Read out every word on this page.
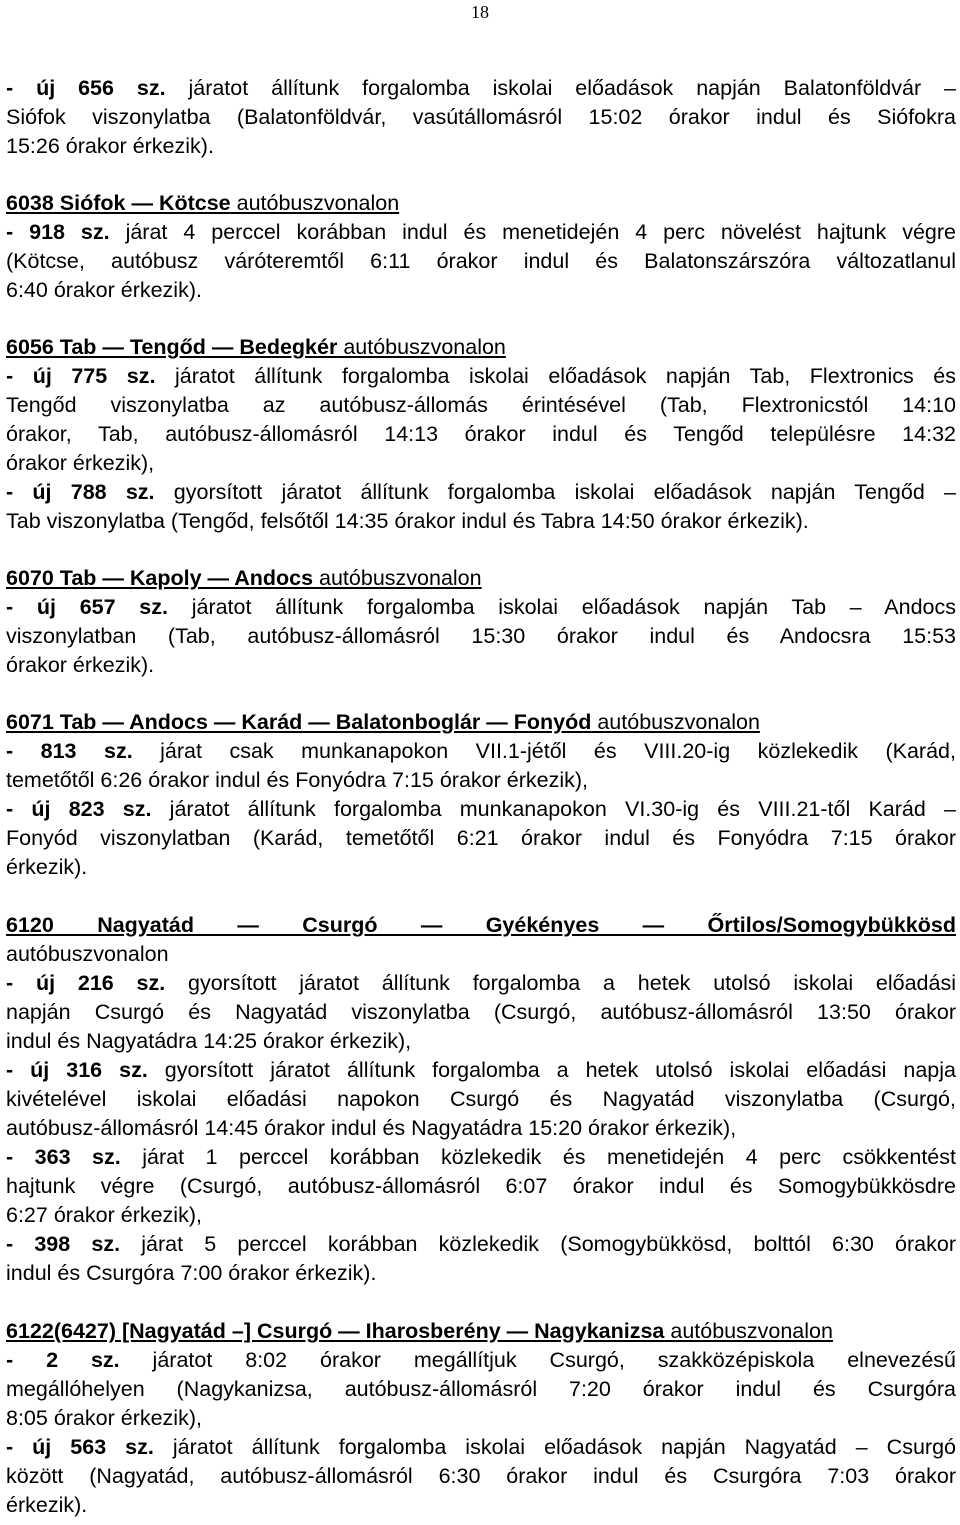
18
- új 656 sz. járatot állítunk forgalomba iskolai előadások napján Balatonföldvár –
Siófok viszonylatba (Balatonföldvár, vasútállomásról 15:02 órakor indul és Siófokra
15:26 órakor érkezik).
6038 Siófok — Kötcse autóbuszvonalon
- 918 sz. járat 4 perccel korábban indul és menetidején 4 perc növelést hajtunk végre
(Kötcse, autóbusz váróteremtől 6:11 órakor indul és Balatonszárszóra változatlanul
6:40 órakor érkezik).
6056 Tab — Tengőd — Bedegkér autóbuszvonalon
- új 775 sz. járatot állítunk forgalomba iskolai előadások napján Tab, Flextronics és
Tengőd viszonylatba az autóbusz-állomás érintésével (Tab, Flextronicstól 14:10
órakor, Tab, autóbusz-állomásról 14:13 órakor indul és Tengőd településre 14:32
órakor érkezik),
- új 788 sz. gyorsított járatot állítunk forgalomba iskolai előadások napján Tengőd –
Tab viszonylatba (Tengőd, felsőtől 14:35 órakor indul és Tabra 14:50 órakor érkezik).
6070 Tab — Kapoly — Andocs autóbuszvonalon
- új 657 sz. járatot állítunk forgalomba iskolai előadások napján Tab – Andocs
viszonylatban (Tab, autóbusz-állomásról 15:30 órakor indul és Andocsra 15:53
órakor érkezik).
6071 Tab — Andocs — Karád — Balatonboglár — Fonyód autóbuszvonalon
- 813 sz. járat csak munkanapokon VII.1-jétől és VIII.20-ig közlekedik (Karád,
temetőtől 6:26 órakor indul és Fonyódra 7:15 órakor érkezik),
- új 823 sz. járatot állítunk forgalomba munkanapokon VI.30-ig és VIII.21-től Karád –
Fonyód viszonylatban (Karád, temetőtől 6:21 órakor indul és Fonyódra 7:15 órakor
érkezik).
6120 Nagyatád — Csurgó — Gyékényes — Őrtilos/Somogybükkösd
autóbuszvonalon
- új 216 sz. gyorsított járatot állítunk forgalomba a hetek utolsó iskolai előadási
napján Csurgó és Nagyatád viszonylatba (Csurgó, autóbusz-állomásról 13:50 órakor
indul és Nagyatádra 14:25 órakor érkezik),
- új 316 sz. gyorsított járatot állítunk forgalomba a hetek utolsó iskolai előadási napja
kivételével iskolai előadási napokon Csurgó és Nagyatád viszonylatba (Csurgó,
autóbusz-állomásról 14:45 órakor indul és Nagyatádra 15:20 órakor érkezik),
- 363 sz. járat 1 perccel korábban közlekedik és menetidején 4 perc csökkentést
hajtunk végre (Csurgó, autóbusz-állomásról 6:07 órakor indul és Somogybükkösdre
6:27 órakor érkezik),
- 398 sz. járat 5 perccel korábban közlekedik (Somogybükkösd, bolttól 6:30 órakor
indul és Csurgóra 7:00 órakor érkezik).
6122(6427) [Nagyatád –] Csurgó — Iharosberény — Nagykanizsa autóbuszvonalon
- 2 sz. járatot 8:02 órakor megállítjuk Csurgó, szakközépiskola elnevezésű
megállóhelyen (Nagykanizsa, autóbusz-állomásról 7:20 órakor indul és Csurgóra
8:05 órakor érkezik),
- új 563 sz. járatot állítunk forgalomba iskolai előadások napján Nagyatád – Csurgó
között (Nagyatád, autóbusz-állomásról 6:30 órakor indul és Csurgóra 7:03 órakor
érkezik).
